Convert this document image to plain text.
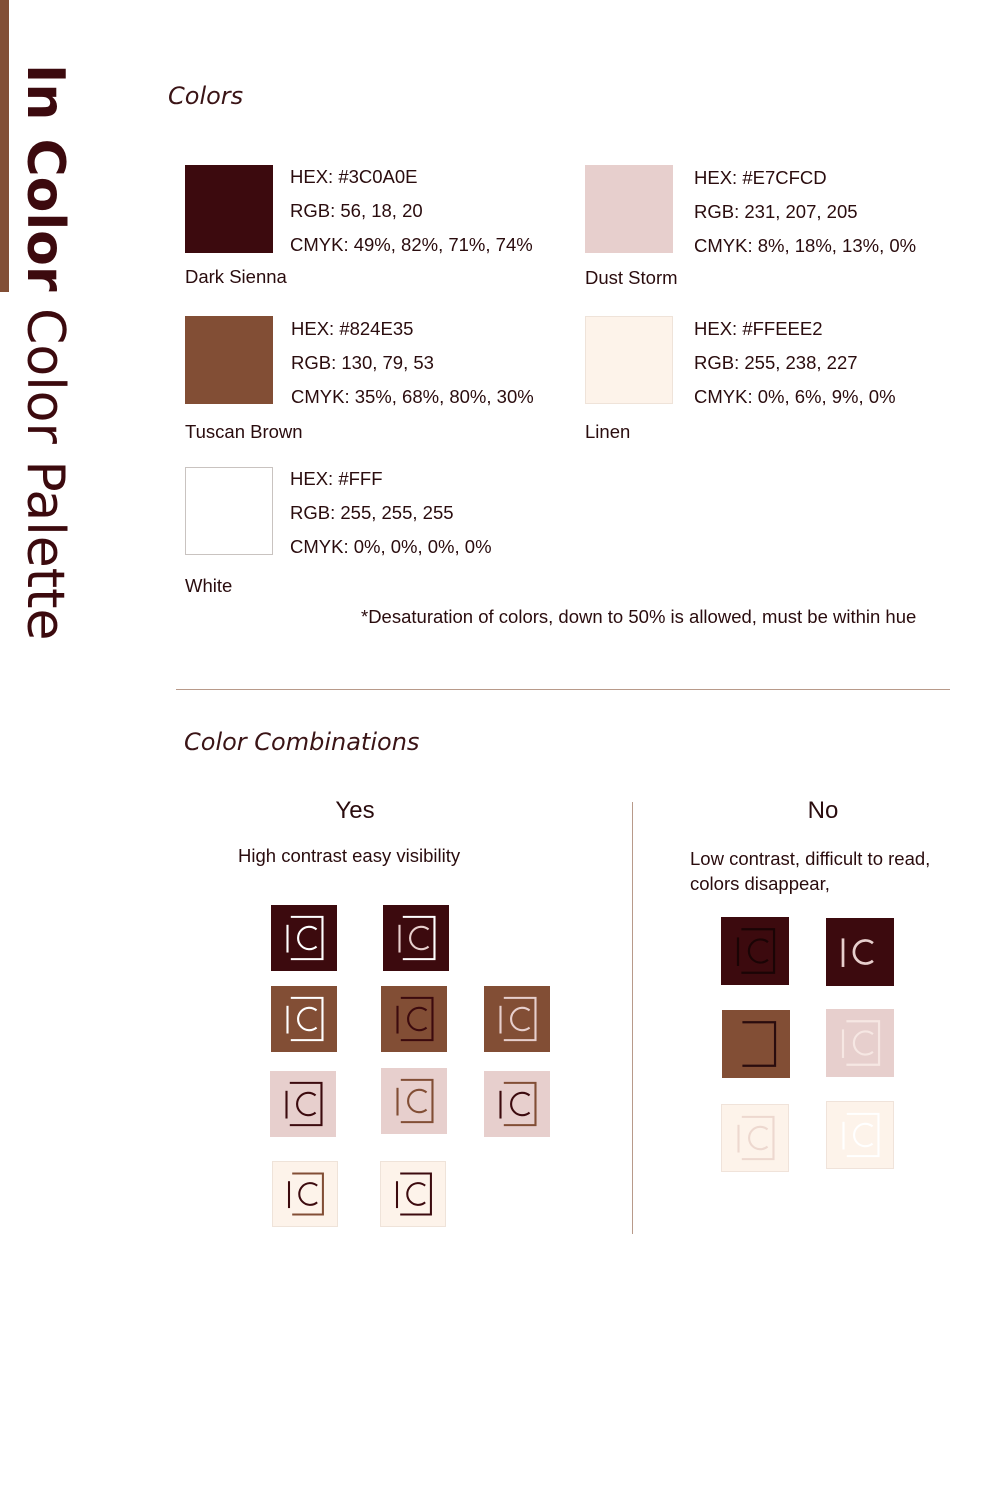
In Color Color Palette
Colors
HEX: #3C0A0E
RGB: 56, 18, 20
CMYK: 49%, 82%, 71%, 74%
Dark Sienna
HEX: #E7CFCD
RGB: 231, 207, 205
CMYK: 8%, 18%, 13%, 0%
Dust Storm
HEX: #824E35
RGB: 130, 79, 53
CMYK: 35%, 68%, 80%, 30%
Tuscan Brown
HEX: #FFEEE2
RGB: 255, 238, 227
CMYK: 0%, 6%, 9%, 0%
Linen
HEX: #FFF
RGB: 255, 255, 255
CMYK: 0%, 0%, 0%, 0%
White
*Desaturation of colors, down to 50% is allowed, must be within hue
Color Combinations
Yes
High contrast easy visibility
No
Low contrast, difficult to read,
colors disappear,
